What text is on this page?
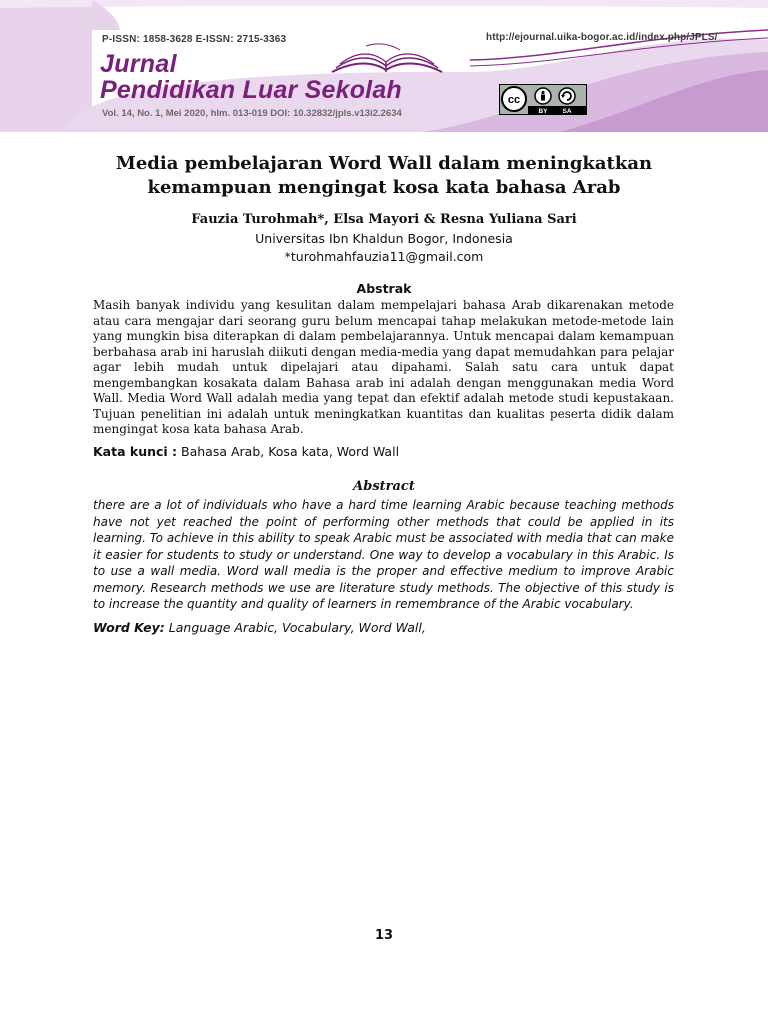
P-ISSN: 1858-3628 E-ISSN: 2715-3363	http://ejournal.uika-bogor.ac.id/index.php/JPLS/
Jurnal
Pendidikan Luar Sekolah
Vol. 14, No. 1, Mei 2020, hlm. 013-019 DOI: 10.32832/jpls.v13i2.2634
cc
BY SA
Media pembelajaran Word Wall dalam meningkatkan
kemampuan mengingat kosa kata bahasa Arab
Fauzia Turohmah*, Elsa Mayori & Resna Yuliana Sari
Universitas Ibn Khaldun Bogor, Indonesia
*turohmahfauzia11@gmail.com
Abstrak
Masih banyak individu yang kesulitan dalam mempelajari bahasa Arab dikarenakan metode atau cara mengajar dari seorang guru belum mencapai tahap melakukan metode-metode lain yang mungkin bisa diterapkan di dalam pembelajarannya. Untuk mencapai dalam kemampuan berbahasa arab ini haruslah diikuti dengan media-media yang dapat memudahkan para pelajar agar lebih mudah untuk dipelajari atau dipahami. Salah satu cara untuk dapat mengembangkan kosakata dalam Bahasa arab ini adalah dengan menggunakan media Word Wall. Media Word Wall adalah media yang tepat dan efektif adalah metode studi kepustakaan. Tujuan penelitian ini adalah untuk meningkatkan kuantitas dan kualitas peserta didik dalam mengingat kosa kata bahasa Arab.
Kata kunci : Bahasa Arab, Kosa kata, Word Wall
Abstract
there are a lot of individuals who have a hard time learning Arabic because teaching methods have not yet reached the point of performing other methods that could be applied in its learning. To achieve in this ability to speak Arabic must be associated with media that can make it easier for students to study or understand. One way to develop a vocabulary in this Arabic. Is to use a wall media. Word wall media is the proper and effective medium to improve Arabic memory. Research methods we use are literature study methods. The objective of this study is to increase the quantity and quality of learners in remembrance of the Arabic vocabulary.
Word Key: Language Arabic, Vocabulary, Word Wall,
13
